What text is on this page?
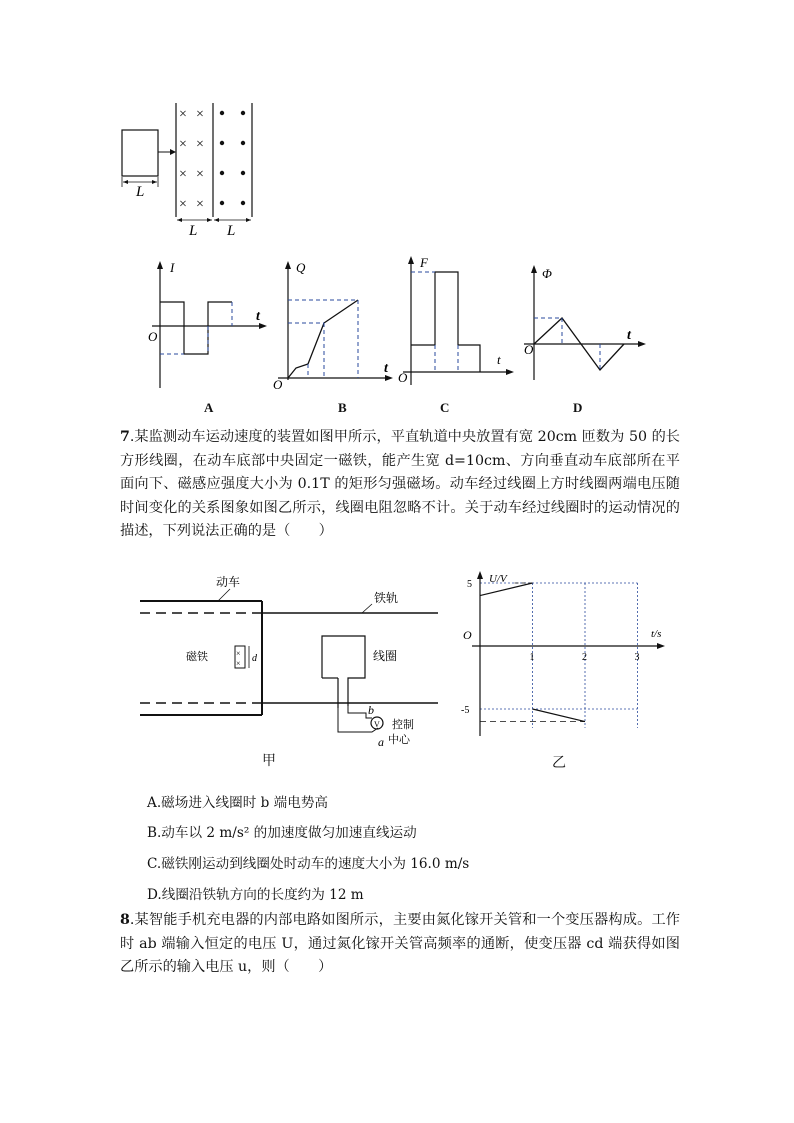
L
× ×
× ×
× ×
× ×
L L
I
t
O
A
Q
t
O
B
F
t
O
C
Φ
t
O
D
7.某监测动车运动速度的装置如图甲所示，平直轨道中央放置有宽 20cm 匝数为 50 的长方形线圈，在动车底部中央固定一磁铁，能产生宽 d=10cm、方向垂直动车底部所在平面向下、磁感应强度大小为 0.1T 的矩形匀强磁场。动车经过线圈上方时线圈两端电压随时间变化的关系图象如图乙所示，线圈电阻忽略不计。关于动车经过线圈时的运动情况的描述，下列说法正确的是（　　）
动车
铁轨
磁铁	×
× d	线圈
V
b
a
控制
中心
甲
U/V
t/s
O
1	2	3
5
-5
乙
A.磁场进入线圈时 b 端电势高
B.动车以 2 m/s² 的加速度做匀加速直线运动
C.磁铁刚运动到线圈处时动车的速度大小为 16.0 m/s
D.线圈沿铁轨方向的长度约为 12 m
8.某智能手机充电器的内部电路如图所示，主要由氮化镓开关管和一个变压器构成。工作时 ab 端输入恒定的电压 U，通过氮化镓开关管高频率的通断，使变压器 cd 端获得如图乙所示的输入电压 u，则（　　）
